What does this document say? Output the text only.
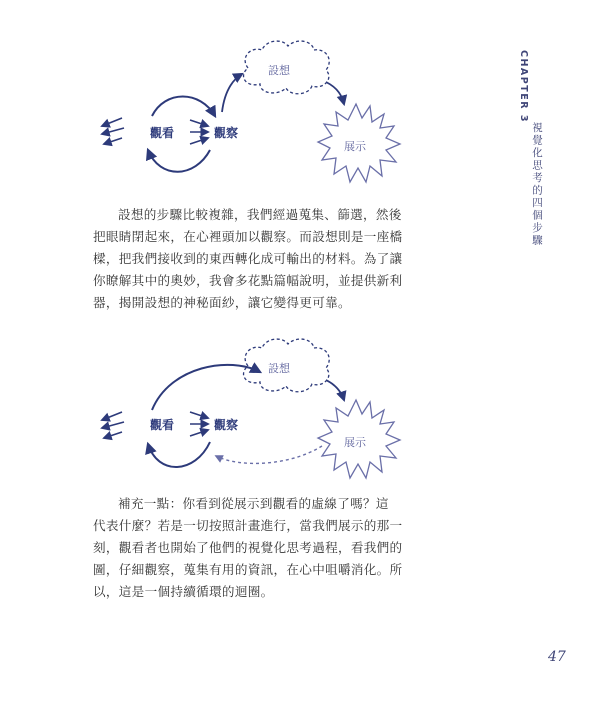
觀看	觀察
設想
展示
設想的步驟比較複雜，我們經過蒐集、篩選，然後
把眼睛閉起來，在心裡頭加以觀察。而設想則是一座橋
樑，把我們接收到的東西轉化成可輸出的材料。為了讓
你瞭解其中的奧妙，我會多花點篇幅說明，並提供新利
器，揭開設想的神秘面紗，讓它變得更可靠。
觀看	觀察
設想
展示
補充一點：你看到從展示到觀看的虛線了嗎？這
代表什麼？若是一切按照計畫進行，當我們展示的那一
刻，觀看者也開始了他們的視覺化思考過程，看我們的
圖，仔細觀察，蒐集有用的資訊，在心中咀嚼消化。所
以，這是一個持續循環的迴圈。
CHAPTER 3
視覺化思考的四個步驟
47
